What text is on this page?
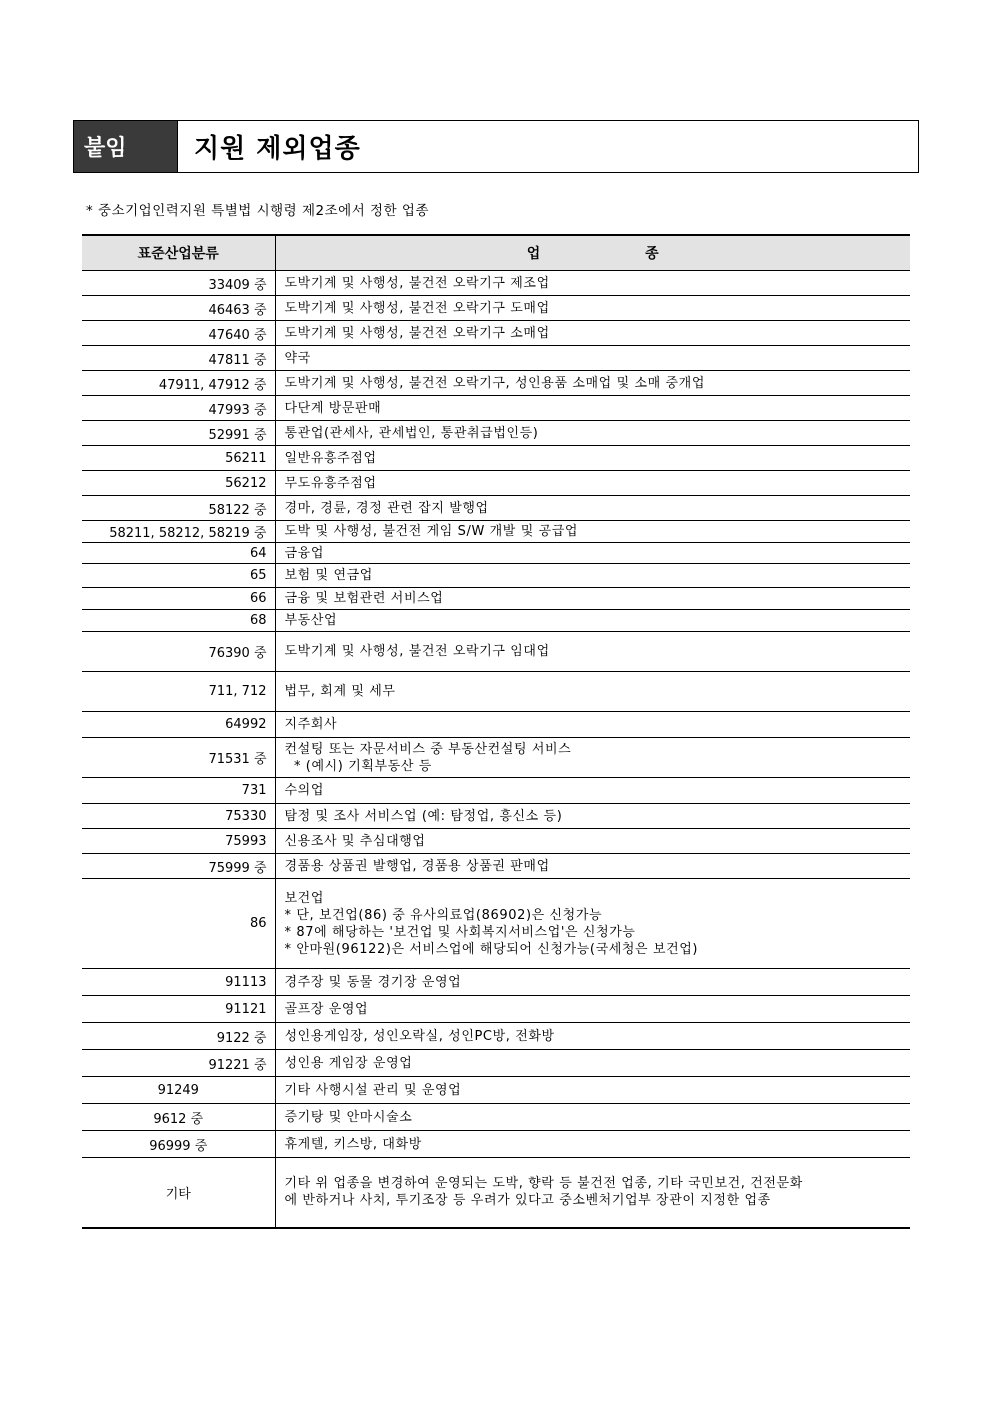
붙임	지원 제외업종
* 중소기업인력지원 특별법 시행령 제2조에서 정한 업종
표준산업분류	업 종
33409 중	도박기계 및 사행성, 불건전 오락기구 제조업

46463 중	도박기계 및 사행성, 불건전 오락기구 도매업

47640 중	도박기계 및 사행성, 불건전 오락기구 소매업

47811 중	약국

47911, 47912 중	도박기계 및 사행성, 불건전 오락기구, 성인용품 소매업 및 소매 중개업

47993 중	다단계 방문판매

52991 중	통관업(관세사, 관세법인, 통관취급법인등)

56211	일반유흥주점업

56212	무도유흥주점업

58122 중	경마, 경륜, 경정 관련 잡지 발행업

58211, 58212, 58219 중	도박 및 사행성, 불건전 게임 S/W 개발 및 공급업

64	금융업

65	보험 및 연금업

66	금융 및 보험관련 서비스업

68	부동산업

76390 중	도박기계 및 사행성, 불건전 오락기구 임대업

711, 712	법무, 회계 및 세무

64992	지주회사

71531 중	컨설팅 또는 자문서비스 중 부동산컨설팅 서비스
* (예시) 기획부동산 등

731	수의업

75330	탐정 및 조사 서비스업 (예: 탐정업, 흥신소 등)

75993	신용조사 및 추심대행업

75999 중	경품용 상품권 발행업, 경품용 상품권 판매업

86	보건업
* 단, 보건업(86) 중 유사의료업(86902)은 신청가능
* 87에 해당하는 '보건업 및 사회복지서비스업'은 신청가능
* 안마원(96122)은 서비스업에 해당되어 신청가능(국세청은 보건업)

91113	경주장 및 동물 경기장 운영업

91121	골프장 운영업

9122 중	성인용게임장, 성인오락실, 성인PC방, 전화방

91221 중	성인용 게임장 운영업

91249	기타 사행시설 관리 및 운영업

9612 중	증기탕 및 안마시술소

96999 중	휴게텔, 키스방, 대화방

기타	기타 위 업종을 변경하여 운영되는 도박, 향락 등 불건전 업종, 기타 국민보건, 건전문화
에 반하거나 사치, 투기조장 등 우려가 있다고 중소벤처기업부 장관이 지정한 업종
